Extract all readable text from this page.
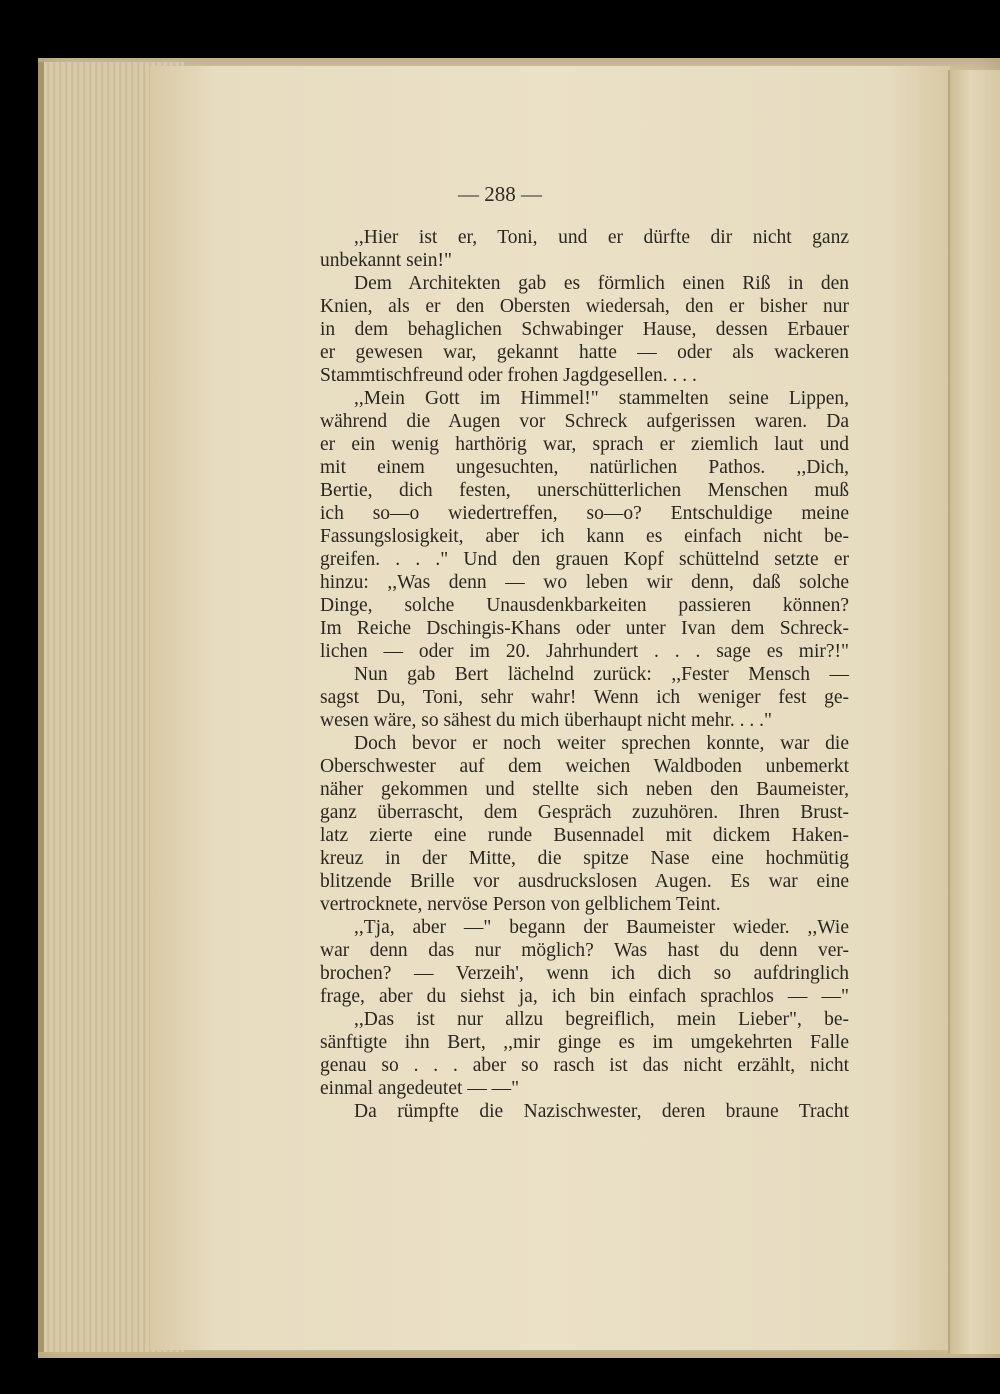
— 288 —
,,Hier ist er, Toni, und er dürfte dir nicht ganz
unbekannt sein!"
Dem Architekten gab es förmlich einen Riß in den
Knien, als er den Obersten wiedersah, den er bisher nur
in dem behaglichen Schwabinger Hause, dessen Erbauer
er gewesen war, gekannt hatte — oder als wackeren
Stammtischfreund oder frohen Jagdgesellen. . . .
,,Mein Gott im Himmel!" stammelten seine Lippen,
während die Augen vor Schreck aufgerissen waren. Da
er ein wenig harthörig war, sprach er ziemlich laut und
mit einem ungesuchten, natürlichen Pathos. ,,Dich,
Bertie, dich festen, unerschütterlichen Menschen muß
ich so—o wiedertreffen, so—o? Entschuldige meine
Fassungslosigkeit, aber ich kann es einfach nicht be-
greifen. . . ." Und den grauen Kopf schüttelnd setzte er
hinzu: ,,Was denn — wo leben wir denn, daß solche
Dinge, solche Unausdenkbarkeiten passieren können?
Im Reiche Dschingis-Khans oder unter Ivan dem Schreck-
lichen — oder im 20. Jahrhundert . . . sage es mir?!"
Nun gab Bert lächelnd zurück: ,,Fester Mensch —
sagst Du, Toni, sehr wahr! Wenn ich weniger fest ge-
wesen wäre, so sähest du mich überhaupt nicht mehr. . . ."
Doch bevor er noch weiter sprechen konnte, war die
Oberschwester auf dem weichen Waldboden unbemerkt
näher gekommen und stellte sich neben den Baumeister,
ganz überrascht, dem Gespräch zuzuhören. Ihren Brust-
latz zierte eine runde Busennadel mit dickem Haken-
kreuz in der Mitte, die spitze Nase eine hochmütig
blitzende Brille vor ausdruckslosen Augen. Es war eine
vertrocknete, nervöse Person von gelblichem Teint.
,,Tja, aber —" begann der Baumeister wieder. ,,Wie
war denn das nur möglich? Was hast du denn ver-
brochen? — Verzeih', wenn ich dich so aufdringlich
frage, aber du siehst ja, ich bin einfach sprachlos — —"
,,Das ist nur allzu begreiflich, mein Lieber", be-
sänftigte ihn Bert, ,,mir ginge es im umgekehrten Falle
genau so . . . aber so rasch ist das nicht erzählt, nicht
einmal angedeutet — —"
Da rümpfte die Nazischwester, deren braune Tracht
